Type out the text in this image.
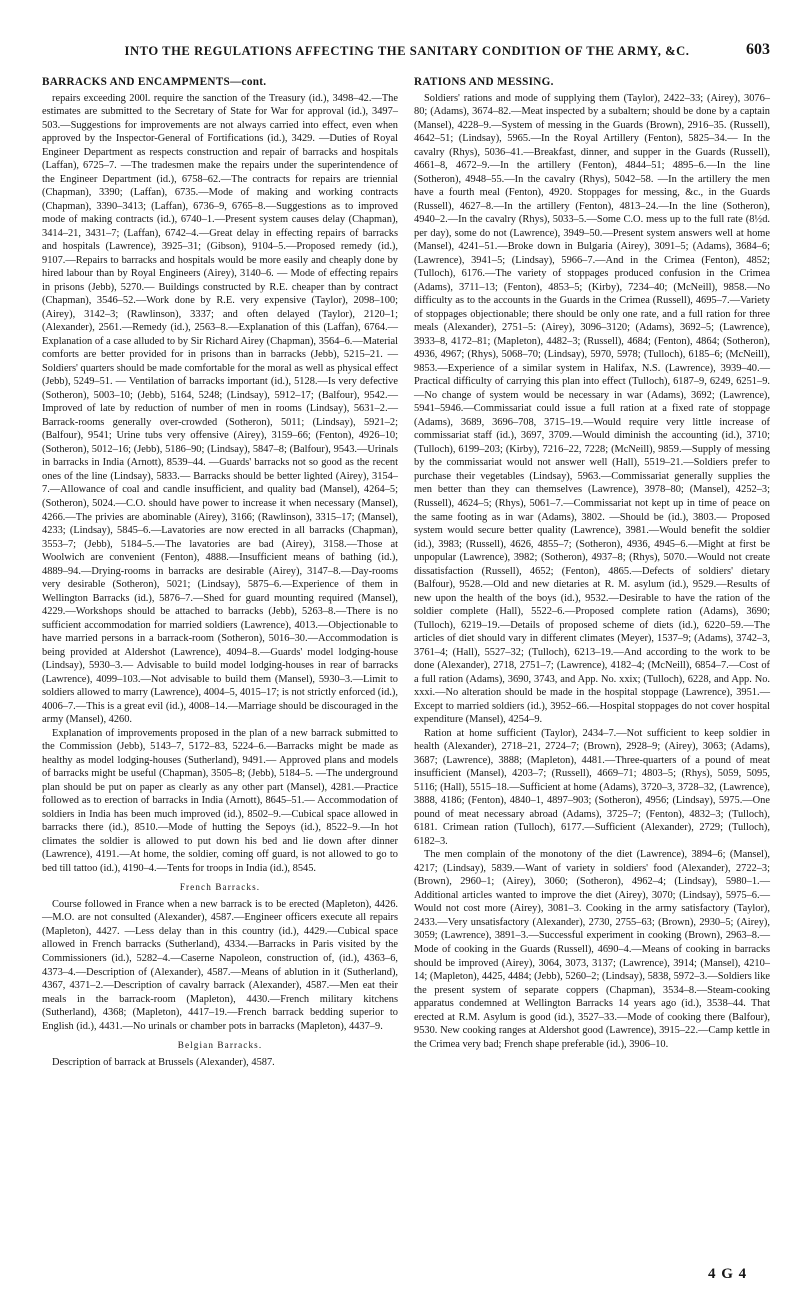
INTO THE REGULATIONS AFFECTING THE SANITARY CONDITION OF THE ARMY, &C.	603
BARRACKS AND ENCAMPMENTS—cont.

repairs exceeding 200l. require the sanction of the Treasury (id.), 3498–42.—The estimates are submitted to the Secretary of State for War for approval (id.), 3497–503.—Suggestions for improvements are not always carried into effect, even when approved by the Inspector-General of Fortifications (id.), 3429. —Duties of Royal Engineer Department as respects construction and repair of barracks and hospitals (Laffan), 6725–7. —The tradesmen make the repairs under the superintendence of the Engineer Department (id.), 6758–62.—The contracts for repairs are triennial (Chapman), 3390; (Laffan), 6735.—Mode of making and working contracts (Chapman), 3390–3413; (Laffan), 6736–9, 6765–8.—Suggestions as to improved mode of making contracts (id.), 6740–1.—Present system causes delay (Chapman), 3414–21, 3431–7; (Laffan), 6742–4.—Great delay in effecting repairs of barracks and hospitals (Lawrence), 3925–31; (Gibson), 9104–5.—Proposed remedy (id.), 9107.—Repairs to barracks and hospitals would be more easily and cheaply done by hired labour than by Royal Engineers (Airey), 3140–6. — Mode of effecting repairs in prisons (Jebb), 5270.— Buildings constructed by R.E. cheaper than by contract (Chapman), 3546–52.—Work done by R.E. very expensive (Taylor), 2098–100; (Airey), 3142–3; (Rawlinson), 3337; and often delayed (Taylor), 2120–1; (Alexander), 2561.—Remedy (id.), 2563–8.—Explanation of this (Laffan), 6764.—Explanation of a case alluded to by Sir Richard Airey (Chapman), 3564–6.—Material comforts are better provided for in prisons than in barracks (Jebb), 5215–21. —Soldiers' quarters should be made comfortable for the moral as well as physical effect (Jebb), 5249–51. — Ventilation of barracks important (id.), 5128.—Is very defective (Sotheron), 5003–10; (Jebb), 5164, 5248; (Lindsay), 5912–17; (Balfour), 9542.—Improved of late by reduction of number of men in rooms (Lindsay), 5631–2.— Barrack-rooms generally over-crowded (Sotheron), 5011; (Lindsay), 5921–2; (Balfour), 9541; Urine tubs very offensive (Airey), 3159–66; (Fenton), 4926–10; (Sotheron), 5012–16; (Jebb), 5186–90; (Lindsay), 5847–8; (Balfour), 9543.—Urinals in barracks in India (Arnott), 8539–44. —Guards' barracks not so good as the recent ones of the line (Lindsay), 5833.— Barracks should be better lighted (Airey), 3154–7.—Allowance of coal and candle insufficient, and quality bad (Mansel), 4264–5; (Sotheron), 5024.—C.O. should have power to increase it when necessary (Mansel), 4266.—The privies are abominable (Airey), 3166; (Rawlinson), 3315–17; (Mansel), 4233; (Lindsay), 5845–6.—Lavatories are now erected in all barracks (Chapman), 3553–7; (Jebb), 5184–5.—The lavatories are bad (Airey), 3158.—Those at Woolwich are convenient (Fenton), 4888.—Insufficient means of bathing (id.), 4889–94.—Drying-rooms in barracks are desirable (Airey), 3147–8.—Day-rooms very desirable (Sotheron), 5021; (Lindsay), 5875–6.—Experience of them in Wellington Barracks (id.), 5876–7.—Shed for guard mounting required (Mansel), 4229.—Workshops should be attached to barracks (Jebb), 5263–8.—There is no sufficient accommodation for married soldiers (Lawrence), 4013.—Objectionable to have married persons in a barrack-room (Sotheron), 5016–30.—Accommodation is being provided at Aldershot (Lawrence), 4094–8.—Guards' model lodging-house (Lindsay), 5930–3.— Advisable to build model lodging-houses in rear of barracks (Lawrence), 4099–103.—Not advisable to build them (Mansel), 5930–3.—Limit to soldiers allowed to marry (Lawrence), 4004–5, 4015–17; is not strictly enforced (id.), 4006–7.—This is a great evil (id.), 4008–14.—Marriage should be discouraged in the army (Mansel), 4260.

Explanation of improvements proposed in the plan of a new barrack submitted to the Commission (Jebb), 5143–7, 5172–83, 5224–6.—Barracks might be made as healthy as model lodging-houses (Sutherland), 9491.— Approved plans and models of barracks might be useful (Chapman), 3505–8; (Jebb), 5184–5. —The underground plan should be put on paper as clearly as any other part (Mansel), 4281.—Practice followed as to erection of barracks in India (Arnott), 8645–51.— Accommodation of soldiers in India has been much improved (id.), 8502–9.—Cubical space allowed in barracks there (id.), 8510.—Mode of hutting the Sepoys (id.), 8522–9.—In hot climates the soldier is allowed to put down his bed and lie down after dinner (Lawrence), 4191.—At home, the soldier, coming off guard, is not allowed to go to bed till tattoo (id.), 4190–4.—Tents for troops in India (id.), 8545.

French Barracks.

Course followed in France when a new barrack is to be erected (Mapleton), 4426.—M.O. are not consulted (Alexander), 4587.—Engineer officers execute all repairs (Mapleton), 4427. —Less delay than in this country (id.), 4429.—Cubical space allowed in French barracks (Sutherland), 4334.—Barracks in Paris visited by the Commissioners (id.), 5282–4.—Caserne Napoleon, construction of, (id.), 4363–6, 4373–4.—Description of (Alexander), 4587.—Means of ablution in it (Sutherland), 4367, 4371–2.—Description of cavalry barrack (Alexander), 4587.—Men eat their meals in the barrack-room (Mapleton), 4430.—French military kitchens (Sutherland), 4368; (Mapleton), 4417–19.—French barrack bedding superior to English (id.), 4431.—No urinals or chamber pots in barracks (Mapleton), 4437–9.

Belgian Barracks.

Description of barrack at Brussels (Alexander), 4587.

RATIONS AND MESSING.

Soldiers' rations and mode of supplying them (Taylor), 2422–33; (Airey), 3076–80; (Adams), 3674–82.—Meat inspected by a subaltern; should be done by a captain (Mansel), 4228–9.—System of messing in the Guards (Brown), 2916–35. (Russell), 4642–51; (Lindsay), 5965.—In the Royal Artillery (Fenton), 5825–34.— In the cavalry (Rhys), 5036–41.—Breakfast, dinner, and supper in the Guards (Russell), 4661–8, 4672–9.—In the artillery (Fenton), 4844–51; 4895–6.—In the line (Sotheron), 4948–55.—In the cavalry (Rhys), 5042–58. —In the artillery the men have a fourth meal (Fenton), 4920. Stoppages for messing, &c., in the Guards (Russell), 4627–8.—In the artillery (Fenton), 4813–24.—In the line (Sotheron), 4940–2.—In the cavalry (Rhys), 5033–5.—Some C.O. mess up to the full rate (8½d. per day), some do not (Lawrence), 3949–50.—Present system answers well at home (Mansel), 4241–51.—Broke down in Bulgaria (Airey), 3091–5; (Adams), 3684–6; (Lawrence), 3941–5; (Lindsay), 5966–7.—And in the Crimea (Fenton), 4852; (Tulloch), 6176.—The variety of stoppages produced confusion in the Crimea (Adams), 3711–13; (Fenton), 4853–5; (Kirby), 7234–40; (McNeill), 9858.—No difficulty as to the accounts in the Guards in the Crimea (Russell), 4695–7.—Variety of stoppages objectionable; there should be only one rate, and a full ration for three meals (Alexander), 2751–5: (Airey), 3096–3120; (Adams), 3692–5; (Lawrence), 3933–8, 4172–81; (Mapleton), 4482–3; (Russell), 4684; (Fenton), 4864; (Sotheron), 4936, 4967; (Rhys), 5068–70; (Lindsay), 5970, 5978; (Tulloch), 6185–6; (McNeill), 9853.—Experience of a similar system in Halifax, N.S. (Lawrence), 3939–40.—Practical difficulty of carrying this plan into effect (Tulloch), 6187–9, 6249, 6251–9.—No change of system would be necessary in war (Adams), 3692; (Lawrence), 5941–5946.—Commissariat could issue a full ration at a fixed rate of stoppage (Adams), 3689, 3696–708, 3715–19.—Would require very little increase of commissariat staff (id.), 3697, 3709.—Would diminish the accounting (id.), 3710; (Tulloch), 6199–203; (Kirby), 7216–22, 7228; (McNeill), 9859.—Supply of messing by the commissariat would not answer well (Hall), 5519–21.—Soldiers prefer to purchase their vegetables (Lindsay), 5963.—Commissariat generally supplies the men better than they can themselves (Lawrence), 3978–80; (Mansel), 4252–3; (Russell), 4624–5; (Rhys), 5061–7.—Commissariat not kept up in time of peace on the same footing as in war (Adams), 3802. —Should be (id.), 3803.— Proposed system would secure better quality (Lawrence), 3981.—Would benefit the soldier (id.), 3983; (Russell), 4626, 4855–7; (Sotheron), 4936, 4945–6.—Might at first be unpopular (Lawrence), 3982; (Sotheron), 4937–8; (Rhys), 5070.—Would not create dissatisfaction (Russell), 4652; (Fenton), 4865.—Defects of soldiers' dietary (Balfour), 9528.—Old and new dietaries at R. M. asylum (id.), 9529.—Results of new upon the health of the boys (id.), 9532.—Desirable to have the ration of the soldier complete (Hall), 5522–6.—Proposed complete ration (Adams), 3690; (Tulloch), 6219–19.—Details of proposed scheme of diets (id.), 6220–59.—The articles of diet should vary in different climates (Meyer), 1537–9; (Adams), 3742–3, 3761–4; (Hall), 5527–32; (Tulloch), 6213–19.—And according to the work to be done (Alexander), 2718, 2751–7; (Lawrence), 4182–4; (McNeill), 6854–7.—Cost of a full ration (Adams), 3690, 3743, and App. No. xxix; (Tulloch), 6228, and App. No. xxxi.—No alteration should be made in the hospital stoppage (Lawrence), 3951.—Except to married soldiers (id.), 3952–66.—Hospital stoppages do not cover hospital expenditure (Mansel), 4254–9.

Ration at home sufficient (Taylor), 2434–7.—Not sufficient to keep soldier in health (Alexander), 2718–21, 2724–7; (Brown), 2928–9; (Airey), 3063; (Adams), 3687; (Lawrence), 3888; (Mapleton), 4481.—Three-quarters of a pound of meat insufficient (Mansel), 4203–7; (Russell), 4669–71; 4803–5; (Rhys), 5059, 5095, 5116; (Hall), 5515–18.—Sufficient at home (Adams), 3720–3, 3728–32, (Lawrence), 3888, 4186; (Fenton), 4840–1, 4897–903; (Sotheron), 4956; (Lindsay), 5975.—One pound of meat necessary abroad (Adams), 3725–7; (Fenton), 4832–3; (Tulloch), 6181. Crimean ration (Tulloch), 6177.—Sufficient (Alexander), 2729; (Tulloch), 6182–3.

The men complain of the monotony of the diet (Lawrence), 3894–6; (Mansel), 4217; (Lindsay), 5839.—Want of variety in soldiers' food (Alexander), 2722–3; (Brown), 2960–1; (Airey), 3060; (Sotheron), 4962–4; (Lindsay), 5980–1.—Additional articles wanted to improve the diet (Airey), 3070; (Lindsay), 5975–6.—Would not cost more (Airey), 3081–3. Cooking in the army satisfactory (Taylor), 2433.—Very unsatisfactory (Alexander), 2730, 2755–63; (Brown), 2930–5; (Airey), 3059; (Lawrence), 3891–3.—Successful experiment in cooking (Brown), 2963–8.—Mode of cooking in the Guards (Russell), 4690–4.—Means of cooking in barracks should be improved (Airey), 3064, 3073, 3137; (Lawrence), 3914; (Mansel), 4210–14; (Mapleton), 4425, 4484; (Jebb), 5260–2; (Lindsay), 5838, 5972–3.—Soldiers like the present system of separate coppers (Chapman), 3534–8.—Steam-cooking apparatus condemned at Wellington Barracks 14 years ago (id.), 3538–44. That erected at R.M. Asylum is good (id.), 3527–33.—Mode of cooking there (Balfour), 9530. New cooking ranges at Aldershot good (Lawrence), 3915–22.—Camp kettle in the Crimea very bad; French shape preferable (id.), 3906–10.

4 G 4
